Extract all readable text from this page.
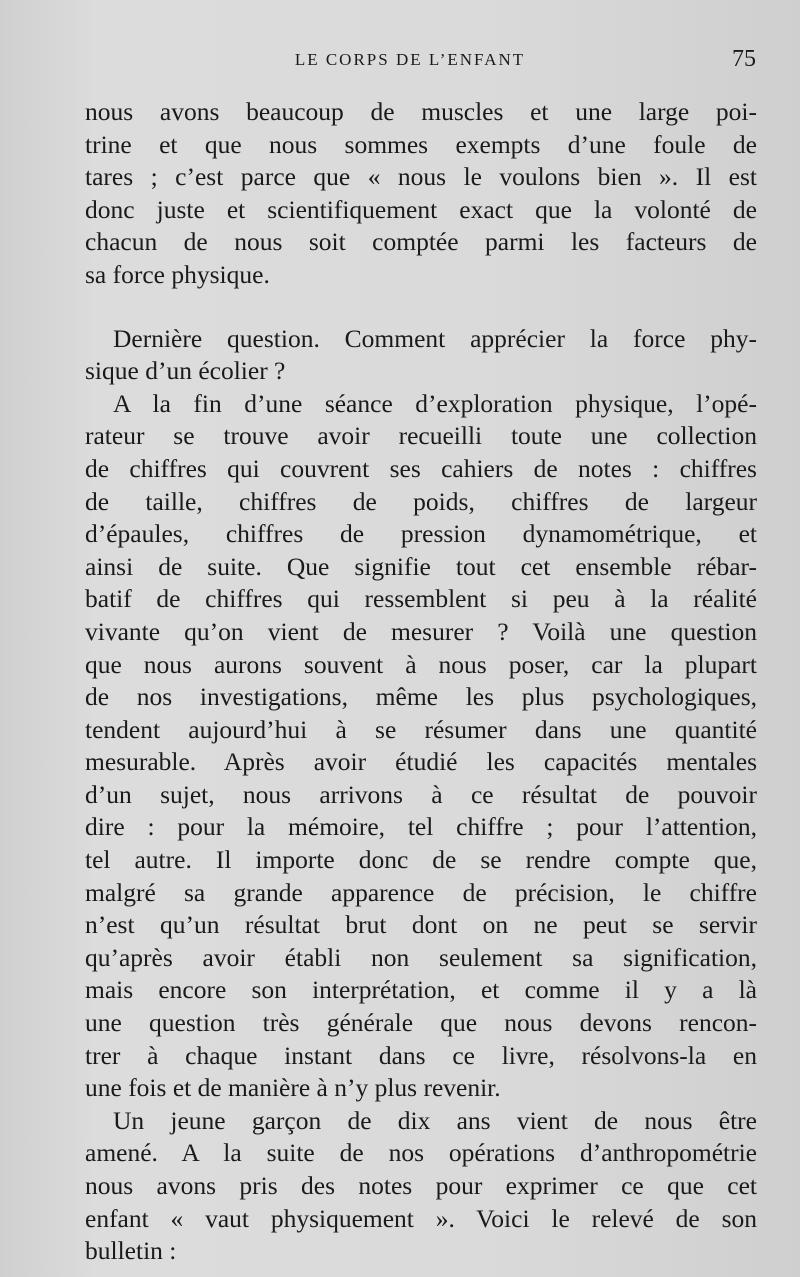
LE CORPS DE L’ENFANT	75
nous avons beaucoup de muscles et une large poi-
trine et que nous sommes exempts d’une foule de
tares ; c’est parce que « nous le voulons bien ». Il est
donc juste et scientifiquement exact que la volonté de
chacun de nous soit comptée parmi les facteurs de
sa force physique.
Dernière question. Comment apprécier la force phy-
sique d’un écolier ?
A la fin d’une séance d’exploration physique, l’opé-
rateur se trouve avoir recueilli toute une collection
de chiffres qui couvrent ses cahiers de notes : chiffres
de taille, chiffres de poids, chiffres de largeur
d’épaules, chiffres de pression dynamométrique, et
ainsi de suite. Que signifie tout cet ensemble rébar-
batif de chiffres qui ressemblent si peu à la réalité
vivante qu’on vient de mesurer ? Voilà une question
que nous aurons souvent à nous poser, car la plupart
de nos investigations, même les plus psychologiques,
tendent aujourd’hui à se résumer dans une quantité
mesurable. Après avoir étudié les capacités mentales
d’un sujet, nous arrivons à ce résultat de pouvoir
dire : pour la mémoire, tel chiffre ; pour l’attention,
tel autre. Il importe donc de se rendre compte que,
malgré sa grande apparence de précision, le chiffre
n’est qu’un résultat brut dont on ne peut se servir
qu’après avoir établi non seulement sa signification,
mais encore son interprétation, et comme il y a là
une question très générale que nous devons rencon-
trer à chaque instant dans ce livre, résolvons-la en
une fois et de manière à n’y plus revenir.
Un jeune garçon de dix ans vient de nous être
amené. A la suite de nos opérations d’anthropométrie
nous avons pris des notes pour exprimer ce que cet
enfant « vaut physiquement ». Voici le relevé de son
bulletin :
